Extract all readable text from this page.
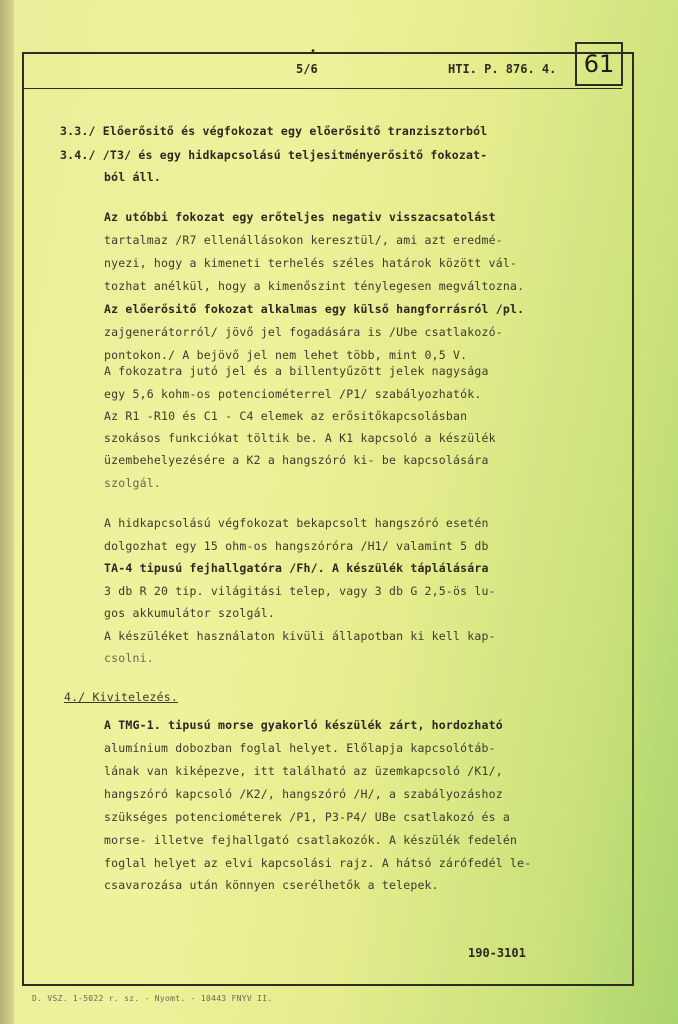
•
5/6	HTI. P. 876. 4.	61
3.3./ Előerősitő és végfokozat egy előerősitő tranzisztorból
3.4./ /T3/ és egy hidkapcsolású teljesitményerősitő fokozat-
ból áll.
Az utóbbi fokozat egy erőteljes negativ visszacsatolást
tartalmaz /R7 ellenállásokon keresztül/, ami azt eredmé-
nyezi, hogy a kimeneti terhelés széles határok között vál-
tozhat anélkül, hogy a kimenőszint ténylegesen megváltozna.
Az előerősitő fokozat alkalmas egy külső hangforrásról /pl.
zajgenerátorról/ jövő jel fogadására is /Ube csatlakozó-
pontokon./ A bejövő jel nem lehet több, mint 0,5 V.
A fokozatra jutó jel és a billentyűzött jelek nagysága
egy 5,6 kohm-os potenciométerrel /P1/ szabályozhatók.
Az R1 -R10 és C1 - C4 elemek az erősitőkapcsolásban
szokásos funkciókat töltik be. A K1 kapcsoló a készülék
üzembehelyezésére a K2 a hangszóró ki- be kapcsolására
szolgál.
A hidkapcsolású végfokozat bekapcsolt hangszóró esetén
dolgozhat egy 15 ohm-os hangszóróra /H1/ valamint 5 db
TA-4 tipusú fejhallgatóra /Fh/. A készülék táplálására
3 db R 20 tip. világitási telep, vagy 3 db G 2,5-ös lu-
gos akkumulátor szolgál.
A készüléket használaton kivüli állapotban ki kell kap-
csolni.
4./ Kivitelezés.
A TMG-1. tipusú morse gyakorló készülék zárt, hordozható
alumínium dobozban foglal helyet. Előlapja kapcsolótáb-
lának van kiképezve, itt található az üzemkapcsoló /K1/,
hangszóró kapcsoló /K2/, hangszóró /H/, a szabályozáshoz
szükséges potenciométerek /P1, P3-P4/ UBe csatlakozó és a
morse- illetve fejhallgató csatlakozók. A készülék fedelén
foglal helyet az elvi kapcsolási rajz. A hátsó zárófedél le-
csavarozása után könnyen cserélhetők a telepek.
190-3101
D. VSZ. 1-5022 r. sz. - Nyomt. - 10443 FNYV II.
